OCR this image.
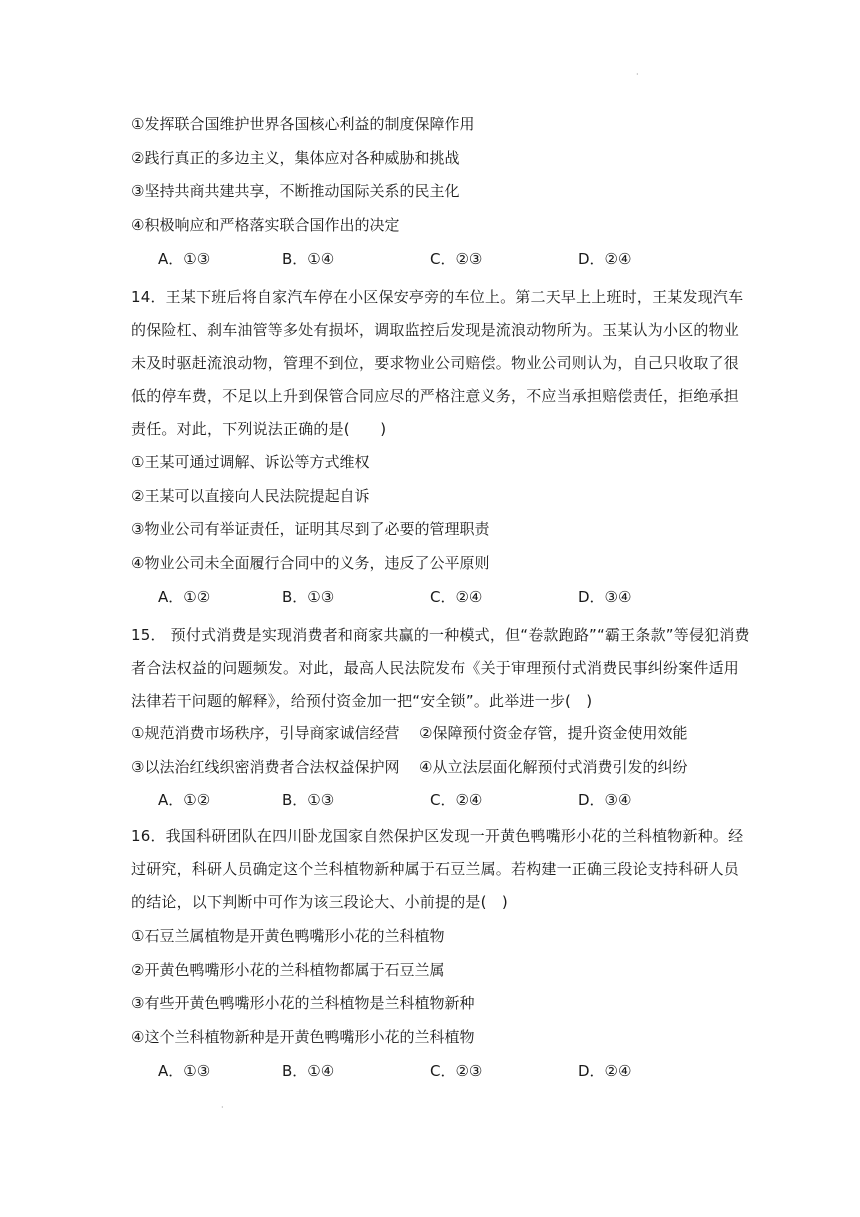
·
①发挥联合国维护世界各国核心利益的制度保障作用
②践行真正的多边主义，集体应对各种威胁和挑战
③坚持共商共建共享，不断推动国际关系的民主化
④积极响应和严格落实联合国作出的决定
A．①③	B．①④	C．②③	D．②④
14．王某下班后将自家汽车停在小区保安亭旁的车位上。第二天早上上班时，王某发现汽车
的保险杠、刹车油管等多处有损坏，调取监控后发现是流浪动物所为。玉某认为小区的物业
未及时驱赶流浪动物，管理不到位，要求物业公司赔偿。物业公司则认为，自己只收取了很
低的停车费，不足以上升到保管合同应尽的严格注意义务，不应当承担赔偿责任，拒绝承担
责任。对此，下列说法正确的是(　　)
①王某可通过调解、诉讼等方式维权
②王某可以直接向人民法院提起自诉
③物业公司有举证责任，证明其尽到了必要的管理职责
④物业公司未全面履行合同中的义务，违反了公平原则
A．①②	B．①③	C．②④	D．③④
15． 预付式消费是实现消费者和商家共赢的一种模式，但“卷款跑路”“霸王条款”等侵犯消费
者合法权益的问题频发。对此，最高人民法院发布《关于审理预付式消费民事纠纷案件适用
法律若干问题的解释》，给预付资金加一把“安全锁”。此举进一步(　)
①规范消费市场秩序，引导商家诚信经营 ②保障预付资金存管，提升资金使用效能
③以法治红线织密消费者合法权益保护网 ④从立法层面化解预付式消费引发的纠纷
A．①②	B．①③	C．②④	D．③④
16．我国科研团队在四川卧龙国家自然保护区发现一开黄色鸭嘴形小花的兰科植物新种。经
过研究，科研人员确定这个兰科植物新种属于石豆兰属。若构建一正确三段论支持科研人员
的结论，以下判断中可作为该三段论大、小前提的是(　)
①石豆兰属植物是开黄色鸭嘴形小花的兰科植物
②开黄色鸭嘴形小花的兰科植物都属于石豆兰属
③有些开黄色鸭嘴形小花的兰科植物是兰科植物新种
④这个兰科植物新种是开黄色鸭嘴形小花的兰科植物
A．①③	B．①④	C．②③	D．②④
·
